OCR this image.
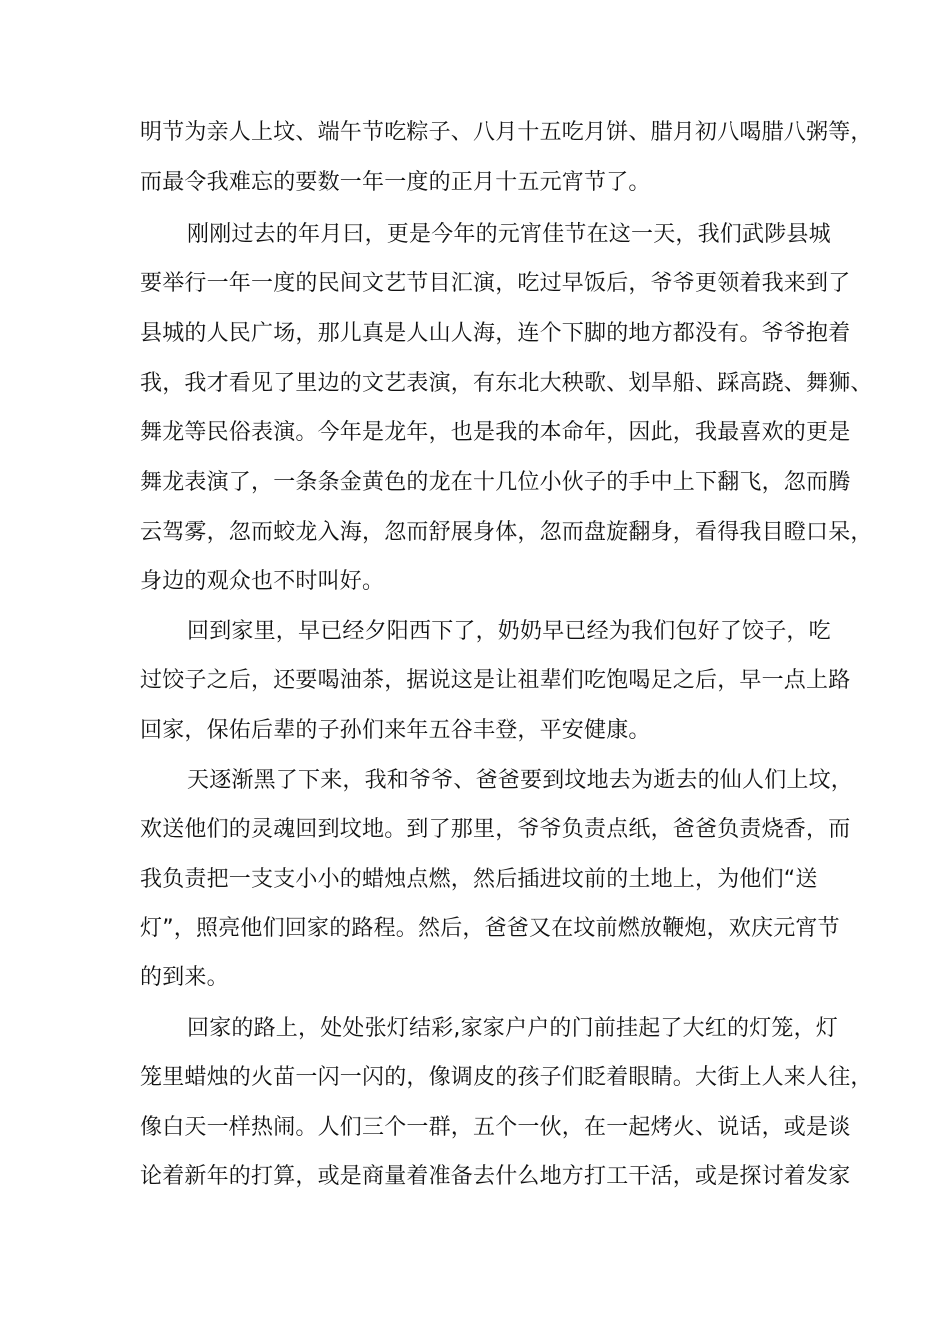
明节为亲人上坟、端午节吃粽子、八月十五吃月饼、腊月初八喝腊八粥等，
而最令我难忘的要数一年一度的正月十五元宵节了。
刚刚过去的年月曰，更是今年的元宵佳节在这一天，我们武陟县城
要举行一年一度的民间文艺节目汇演，吃过早饭后，爷爷更领着我来到了
县城的人民广场，那儿真是人山人海，连个下脚的地方都没有。爷爷抱着
我，我才看见了里边的文艺表演，有东北大秧歌、划旱船、踩高跷、舞狮、
舞龙等民俗表演。今年是龙年，也是我的本命年，因此，我最喜欢的更是
舞龙表演了，一条条金黄色的龙在十几位小伙子的手中上下翻飞，忽而腾
云驾雾，忽而蛟龙入海，忽而舒展身体，忽而盘旋翻身，看得我目瞪口呆，
身边的观众也不时叫好。
回到家里，早已经夕阳西下了，奶奶早已经为我们包好了饺子，吃
过饺子之后，还要喝油茶，据说这是让祖辈们吃饱喝足之后，早一点上路
回家，保佑后辈的子孙们来年五谷丰登，平安健康。
天逐渐黑了下来，我和爷爷、爸爸要到坟地去为逝去的仙人们上坟，
欢送他们的灵魂回到坟地。到了那里，爷爷负责点纸，爸爸负责烧香，而
我负责把一支支小小的蜡烛点燃，然后插进坟前的土地上，为他们“送
灯”，照亮他们回家的路程。然后，爸爸又在坟前燃放鞭炮，欢庆元宵节
的到来。
回家的路上，处处张灯结彩,家家户户的门前挂起了大红的灯笼，灯
笼里蜡烛的火苗一闪一闪的，像调皮的孩子们眨着眼睛。大街上人来人往，
像白天一样热闹。人们三个一群，五个一伙，在一起烤火、说话，或是谈
论着新年的打算，或是商量着准备去什么地方打工干活，或是探讨着发家
